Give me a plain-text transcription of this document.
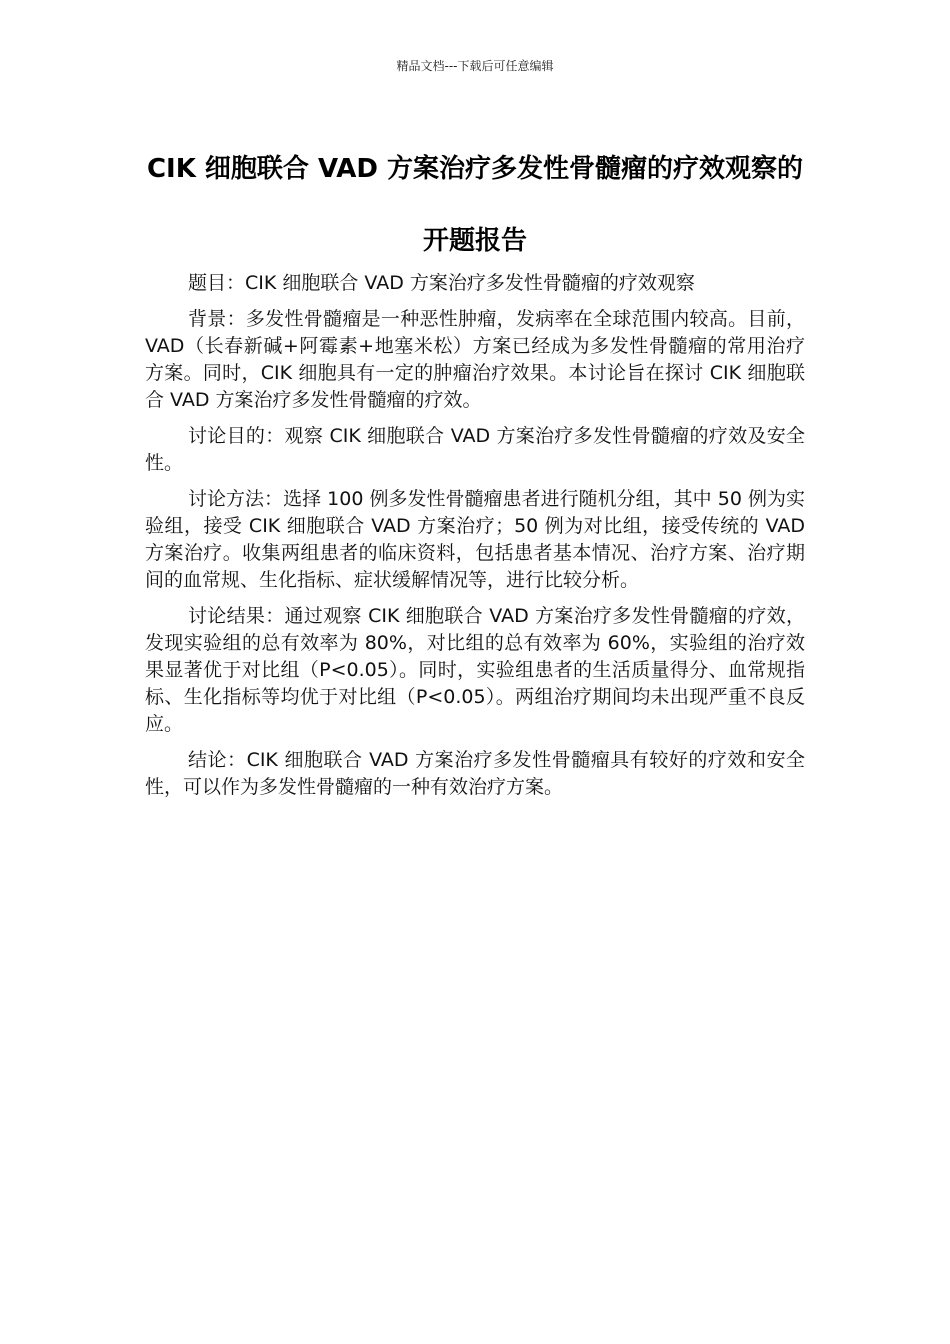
精品文档---下载后可任意编辑
CIK 细胞联合 VAD 方案治疗多发性骨髓瘤的疗效观察的开题报告

题目：CIK 细胞联合 VAD 方案治疗多发性骨髓瘤的疗效观察

背景：多发性骨髓瘤是一种恶性肿瘤，发病率在全球范围内较高。目前，VAD（长春新碱+阿霉素+地塞米松）方案已经成为多发性骨髓瘤的常用治疗方案。同时，CIK 细胞具有一定的肿瘤治疗效果。本讨论旨在探讨 CIK 细胞联合 VAD 方案治疗多发性骨髓瘤的疗效。

讨论目的：观察 CIK 细胞联合 VAD 方案治疗多发性骨髓瘤的疗效及安全性。

讨论方法：选择 100 例多发性骨髓瘤患者进行随机分组，其中 50 例为实验组，接受 CIK 细胞联合 VAD 方案治疗；50 例为对比组，接受传统的 VAD 方案治疗。收集两组患者的临床资料，包括患者基本情况、治疗方案、治疗期间的血常规、生化指标、症状缓解情况等，进行比较分析。

讨论结果：通过观察 CIK 细胞联合 VAD 方案治疗多发性骨髓瘤的疗效，发现实验组的总有效率为 80%，对比组的总有效率为 60%，实验组的治疗效果显著优于对比组（P<0.05）。同时，实验组患者的生活质量得分、血常规指标、生化指标等均优于对比组（P<0.05）。两组治疗期间均未出现严重不良反应。

结论：CIK 细胞联合 VAD 方案治疗多发性骨髓瘤具有较好的疗效和安全性，可以作为多发性骨髓瘤的一种有效治疗方案。
